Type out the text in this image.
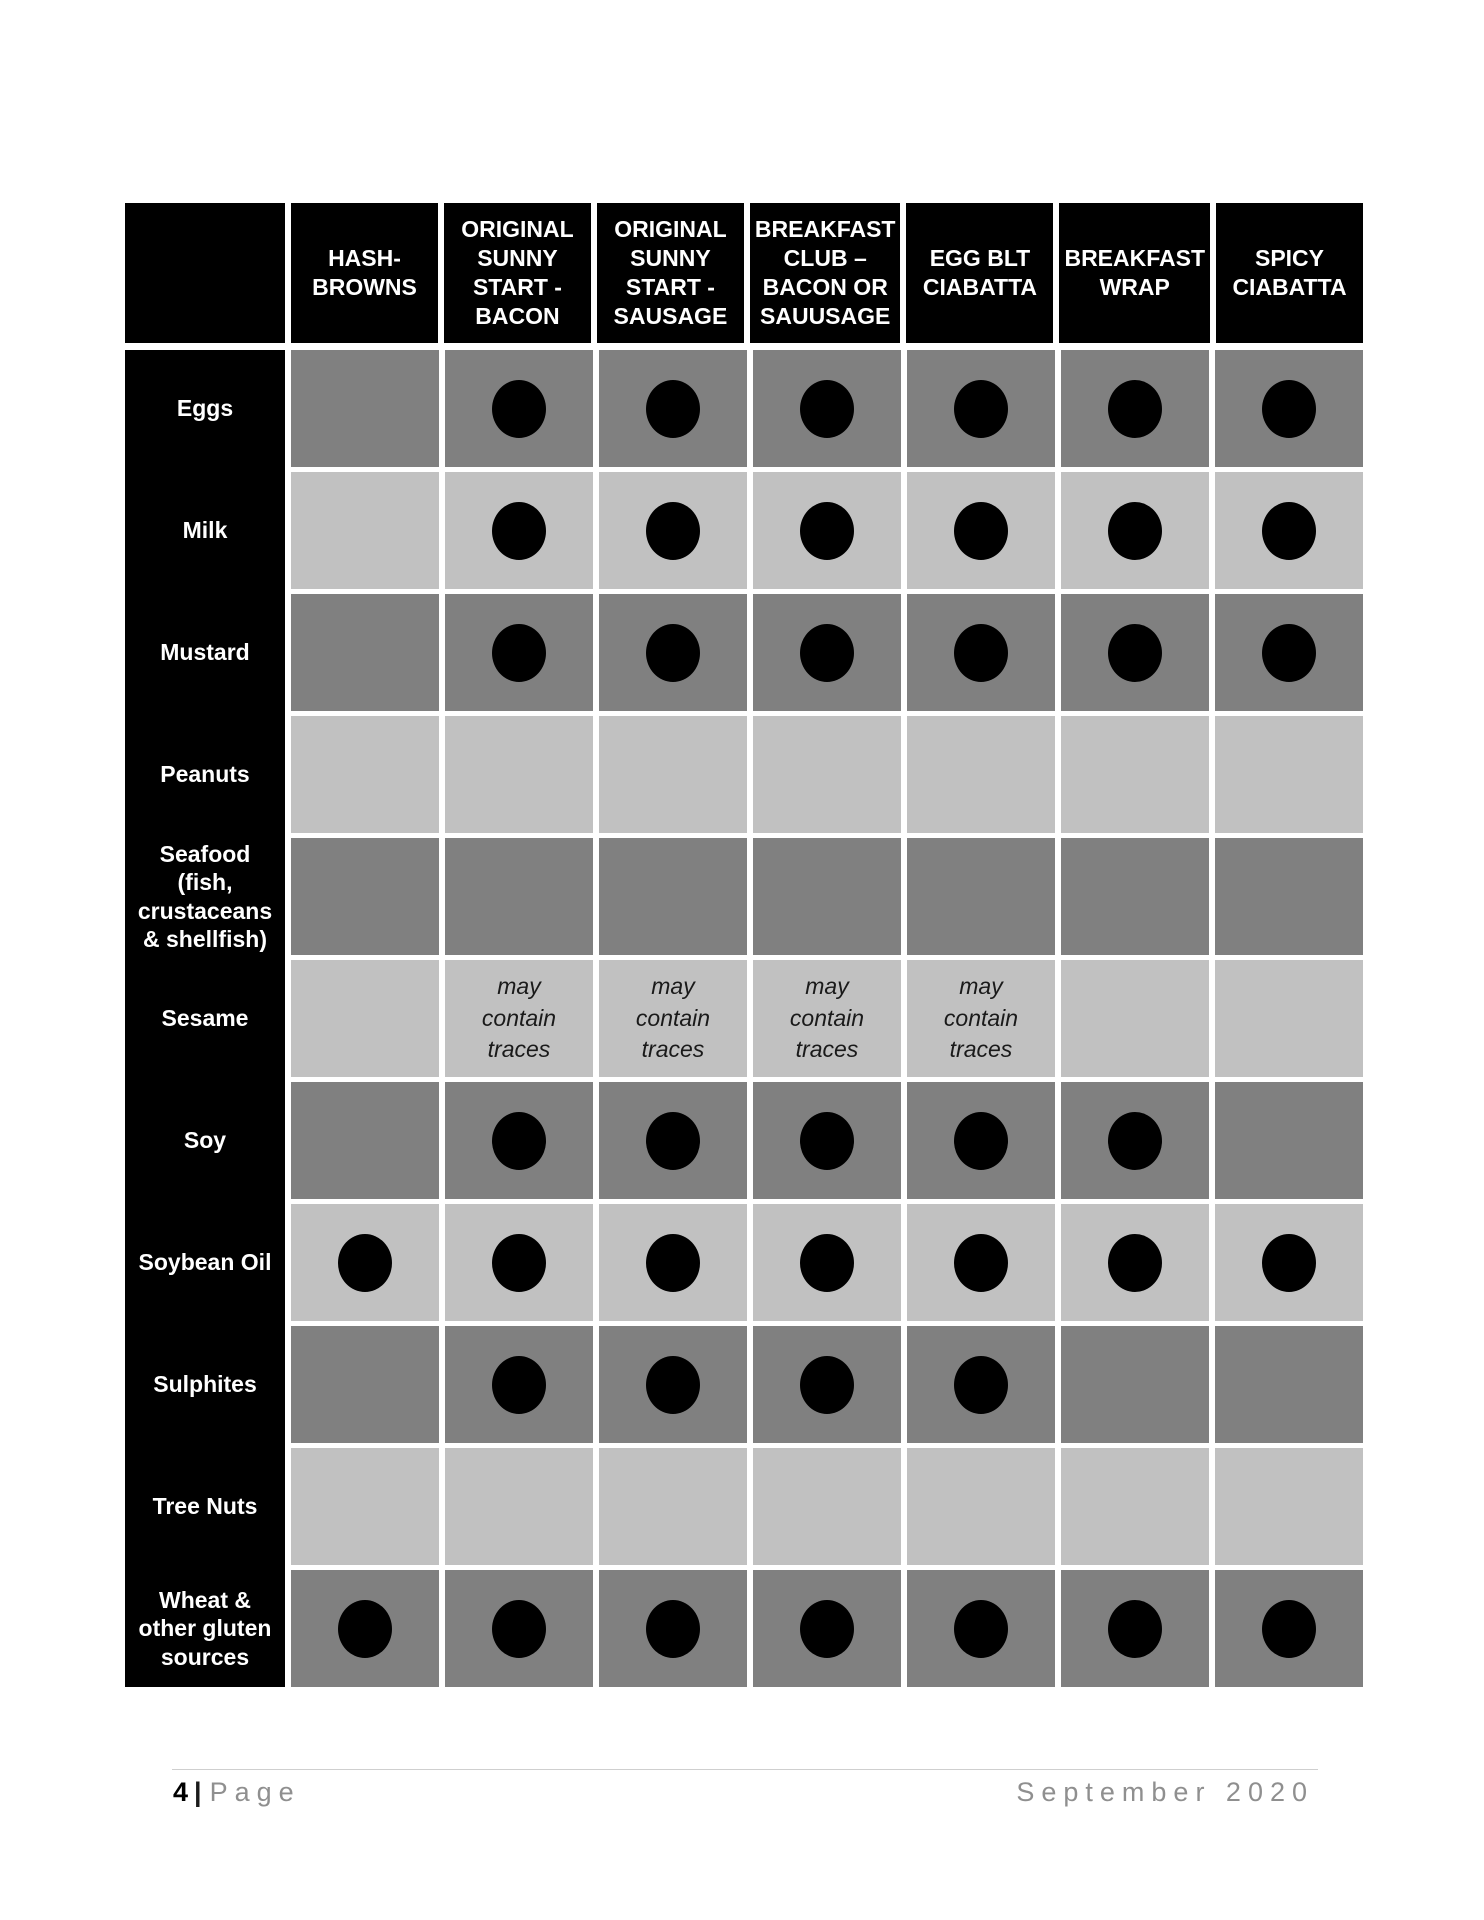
HASH-BROWNS
ORIGINAL SUNNY START - BACON
ORIGINAL SUNNY START - SAUSAGE
BREAKFAST CLUB – BACON OR SAUUSAGE
EGG BLT CIABATTA
BREAKFAST WRAP
SPICY CIABATTA
Eggs
Milk
Mustard
Peanuts
Seafood (fish, crustaceans & shellfish)
Sesame
Soy
Soybean Oil
Sulphites
Tree Nuts
Wheat & other gluten sources
may contain traces
may contain traces
may contain traces
may contain traces
4 | Page	September 2020
